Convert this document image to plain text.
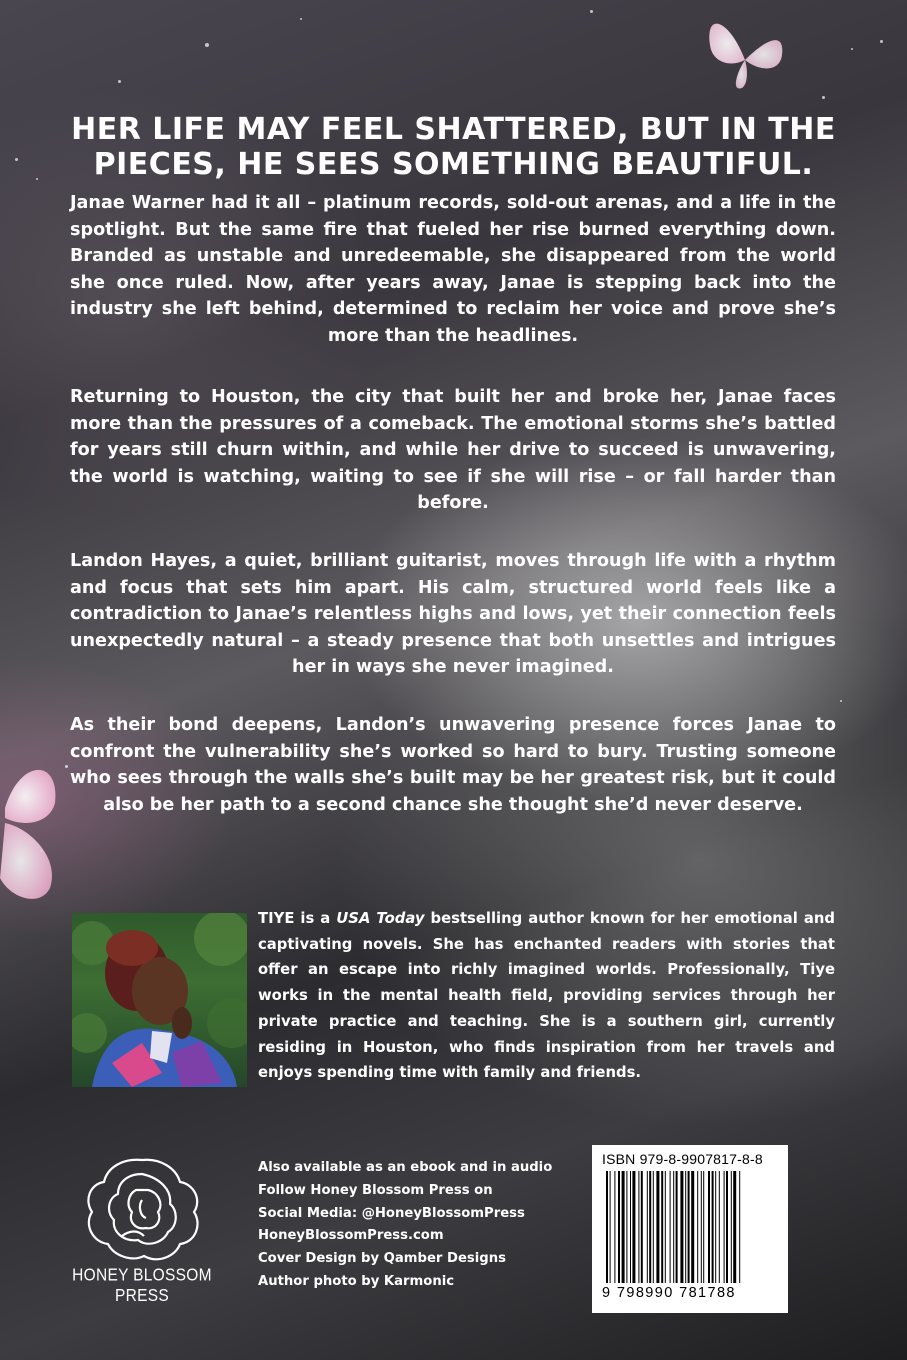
HER LIFE MAY FEEL SHATTERED, BUT IN THE
PIECES, HE SEES SOMETHING BEAUTIFUL.
Janae Warner had it all – platinum records, sold-out arenas, and a life in the spotlight. But the same fire that fueled her rise burned everything down. Branded as unstable and unredeemable, she disappeared from the world she once ruled. Now, after years away, Janae is stepping back into the industry she left behind, determined to reclaim her voice and prove she’s more than the headlines.
Returning to Houston, the city that built her and broke her, Janae faces more than the pressures of a comeback. The emotional storms she’s battled for years still churn within, and while her drive to succeed is unwavering, the world is watching, waiting to see if she will rise – or fall harder than before.
Landon Hayes, a quiet, brilliant guitarist, moves through life with a rhythm and focus that sets him apart. His calm, structured world feels like a contradiction to Janae’s relentless highs and lows, yet their connection feels unexpectedly natural – a steady presence that both unsettles and intrigues her in ways she never imagined.
As their bond deepens, Landon’s unwavering presence forces Janae to confront the vulnerability she’s worked so hard to bury. Trusting someone who sees through the walls she’s built may be her greatest risk, but it could also be her path to a second chance she thought she’d never deserve.
TIYE is a USA Today bestselling author known for her emotional and captivating novels. She has enchanted readers with stories that offer an escape into richly imagined worlds. Professionally, Tiye works in the mental health field, providing services through her private practice and teaching. She is a southern girl, currently residing in Houston, who finds inspiration from her travels and enjoys spending time with family and friends.
HONEY BLOSSOM PRESS
Also available as an ebook and in audio
Follow Honey Blossom Press on
Social Media: @HoneyBlossomPress
HoneyBlossomPress.com
Cover Design by Qamber Designs
Author photo by Karmonic
ISBN 979-8-9907817-8-8
9 798990 781788
